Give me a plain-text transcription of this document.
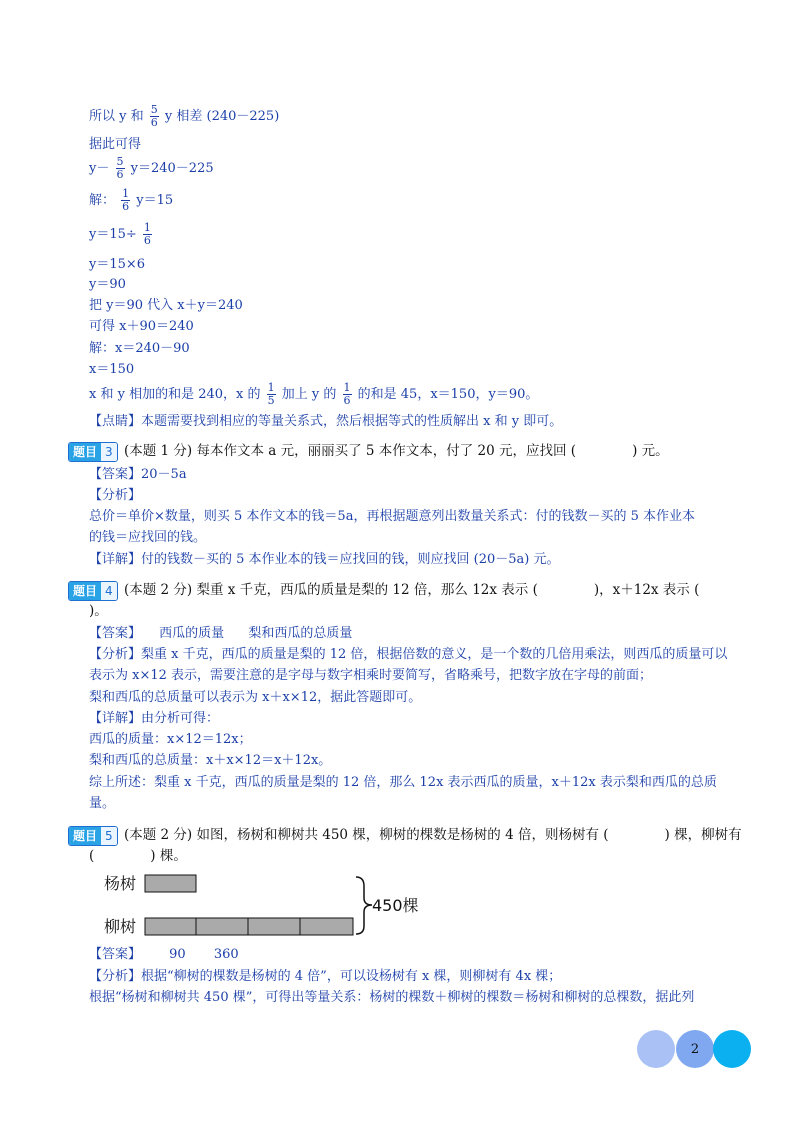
所以 y 和 $\frac{5}{6}$ y 相差 (240－225)
据此可得
$y- \frac{5}{6} y=240-225$
解： $\frac{1}{6} y=15$
$y=15\div \frac{1}{6}$
y＝15×6
y＝90
把 y＝90 代入 x＋y＝240
可得 x＋90＝240
解：x＝240－90
x＝150
x 和 y 相加的和是 240，x 的 $\frac{1}{5}$ 加上 y 的 $\frac{1}{6}$ 的和是 45，x＝150，y＝90。
【点睛】本题需要找到相应的等量关系式，然后根据等式的性质解出 x 和 y 即可。
题目 3 (本题 1 分) 每本作文本 a 元，丽丽买了 5 本作文本，付了 20 元，应找回 (	) 元。
【答案】20－5a
【分析】
总价＝单价×数量，则买 5 本作文本的钱＝5a，再根据题意列出数量关系式：付的钱数－买的 5 本作业本
的钱＝应找回的钱。
【详解】付的钱数－买的 5 本作业本的钱＝应找回的钱，则应找回 (20－5a) 元。
题目 4 (本题 2 分) 梨重 x 千克，西瓜的质量是梨的 12 倍，那么 12x 表示 (	)，x＋12x 表示 (
)。
【答案】 西瓜的质量 梨和西瓜的总质量
【分析】梨重 x 千克，西瓜的质量是梨的 12 倍，根据倍数的意义，是一个数的几倍用乘法，则西瓜的质量可以
表示为 x×12 表示，需要注意的是字母与数字相乘时要简写，省略乘号，把数字放在字母的前面；
梨和西瓜的总质量可以表示为 x＋x×12，据此答题即可。
【详解】由分析可得：
西瓜的质量：x×12＝12x；
梨和西瓜的总质量：x＋x×12＝x＋12x。
综上所述：梨重 x 千克，西瓜的质量是梨的 12 倍，那么 12x 表示西瓜的质量，x＋12x 表示梨和西瓜的总质
量。
题目 5 (本题 2 分) 如图，杨树和柳树共 450 棵，柳树的棵数是杨树的 4 倍，则杨树有 (	) 棵，柳树有
(	) 棵。
杨树
柳树
450棵
【答案】 90 360
【分析】根据“柳树的棵数是杨树的 4 倍”，可以设杨树有 x 棵，则柳树有 4x 棵；
根据“杨树和柳树共 450 棵”，可得出等量关系：杨树的棵数＋柳树的棵数＝杨树和柳树的总棵数，据此列
2
